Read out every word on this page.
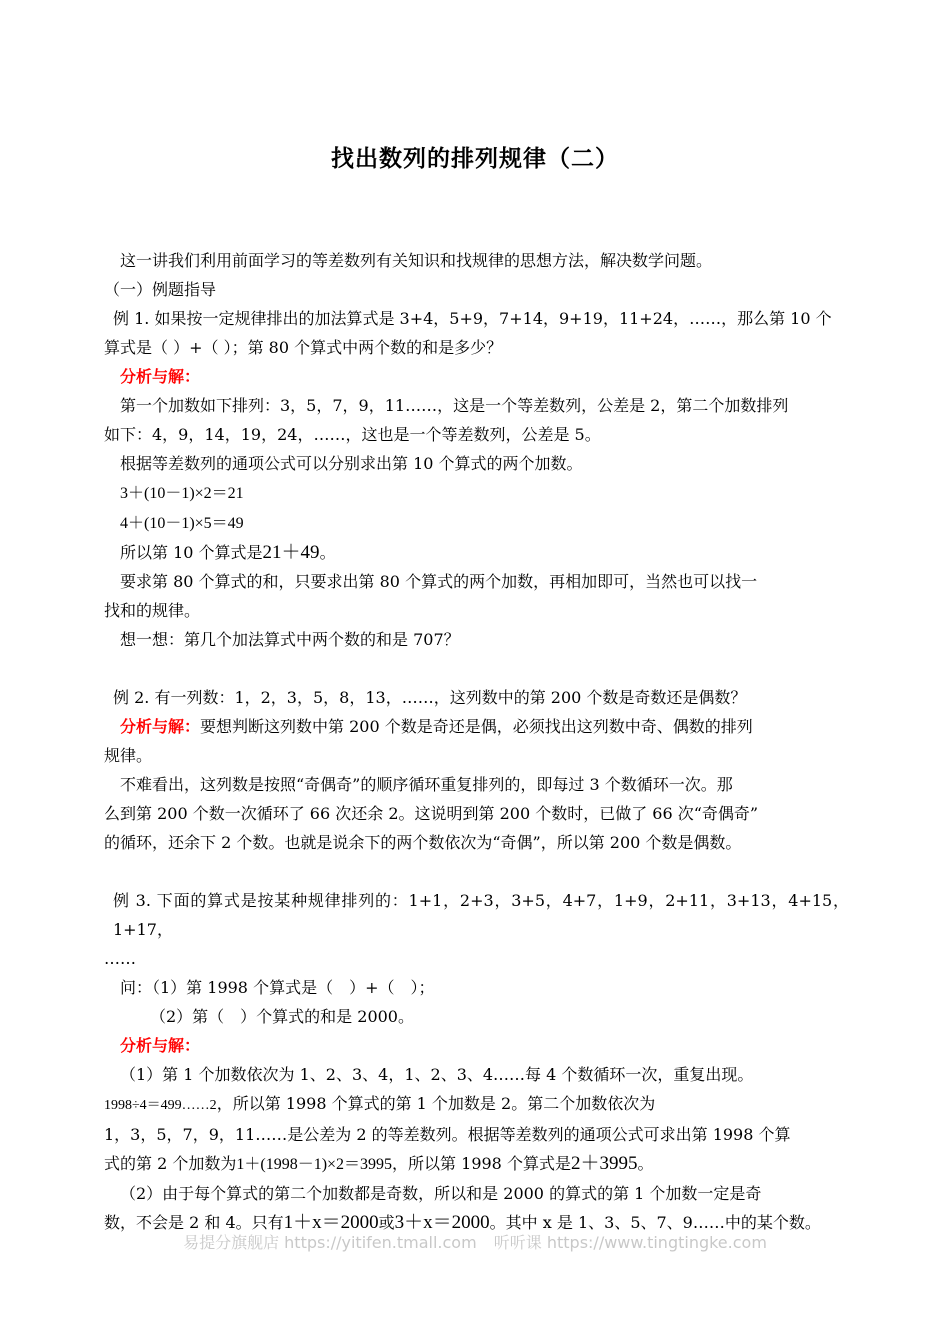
找出数列的排列规律（二）

这一讲我们利用前面学习的等差数列有关知识和找规律的思想方法，解决数学问题。

（一）例题指导

例 1. 如果按一定规律排出的加法算式是 3+4，5+9，7+14，9+19，11+24，……，那么第 10 个

算式是（ ）+（ ）；第 80 个算式中两个数的和是多少？

分析与解：

第一个加数如下排列：3，5，7，9，11……，这是一个等差数列，公差是 2，第二个加数排列

如下：4，9，14，19，24，……，这也是一个等差数列，公差是 5。

根据等差数列的通项公式可以分别求出第 10 个算式的两个加数。

3＋(10－1)×2＝21

4＋(10－1)×5＝49

所以第 10 个算式是21＋49。

要求第 80 个算式的和，只要求出第 80 个算式的两个加数，再相加即可，当然也可以找一

找和的规律。

想一想：第几个加法算式中两个数的和是 707？

例 2. 有一列数：1，2，3，5，8，13，……，这列数中的第 200 个数是奇数还是偶数？

分析与解：要想判断这列数中第 200 个数是奇还是偶，必须找出这列数中奇、偶数的排列

规律。

不难看出，这列数是按照“奇偶奇”的顺序循环重复排列的，即每过 3 个数循环一次。那

么到第 200 个数一次循环了 66 次还余 2。这说明到第 200 个数时，已做了 66 次“奇偶奇”

的循环，还余下 2 个数。也就是说余下的两个数依次为“奇偶”，所以第 200 个数是偶数。

例 3. 下面的算式是按某种规律排列的：1+1，2+3，3+5，4+7，1+9，2+11，3+13，4+15，1+17，

……

问：（1）第 1998 个算式是（　）+（　）；

（2）第（　）个算式的和是 2000。

分析与解：

（1）第 1 个加数依次为 1、2、3、4，1、2、3、4……每 4 个数循环一次，重复出现。

1998÷4＝499……2，所以第 1998 个算式的第 1 个加数是 2。第二个加数依次为

1，3，5，7，9，11……是公差为 2 的等差数列。根据等差数列的通项公式可求出第 1998 个算

式的第 2 个加数为1＋(1998－1)×2＝3995，所以第 1998 个算式是2＋3995。

（2）由于每个算式的第二个加数都是奇数，所以和是 2000 的算式的第 1 个加数一定是奇

数，不会是 2 和 4。只有1＋x＝2000或3＋x＝2000。其中 x 是 1、3、5、7、9……中的某个数。

易提分旗舰店 https://yitifen.tmall.com 听听课 https://www.tingtingke.com
